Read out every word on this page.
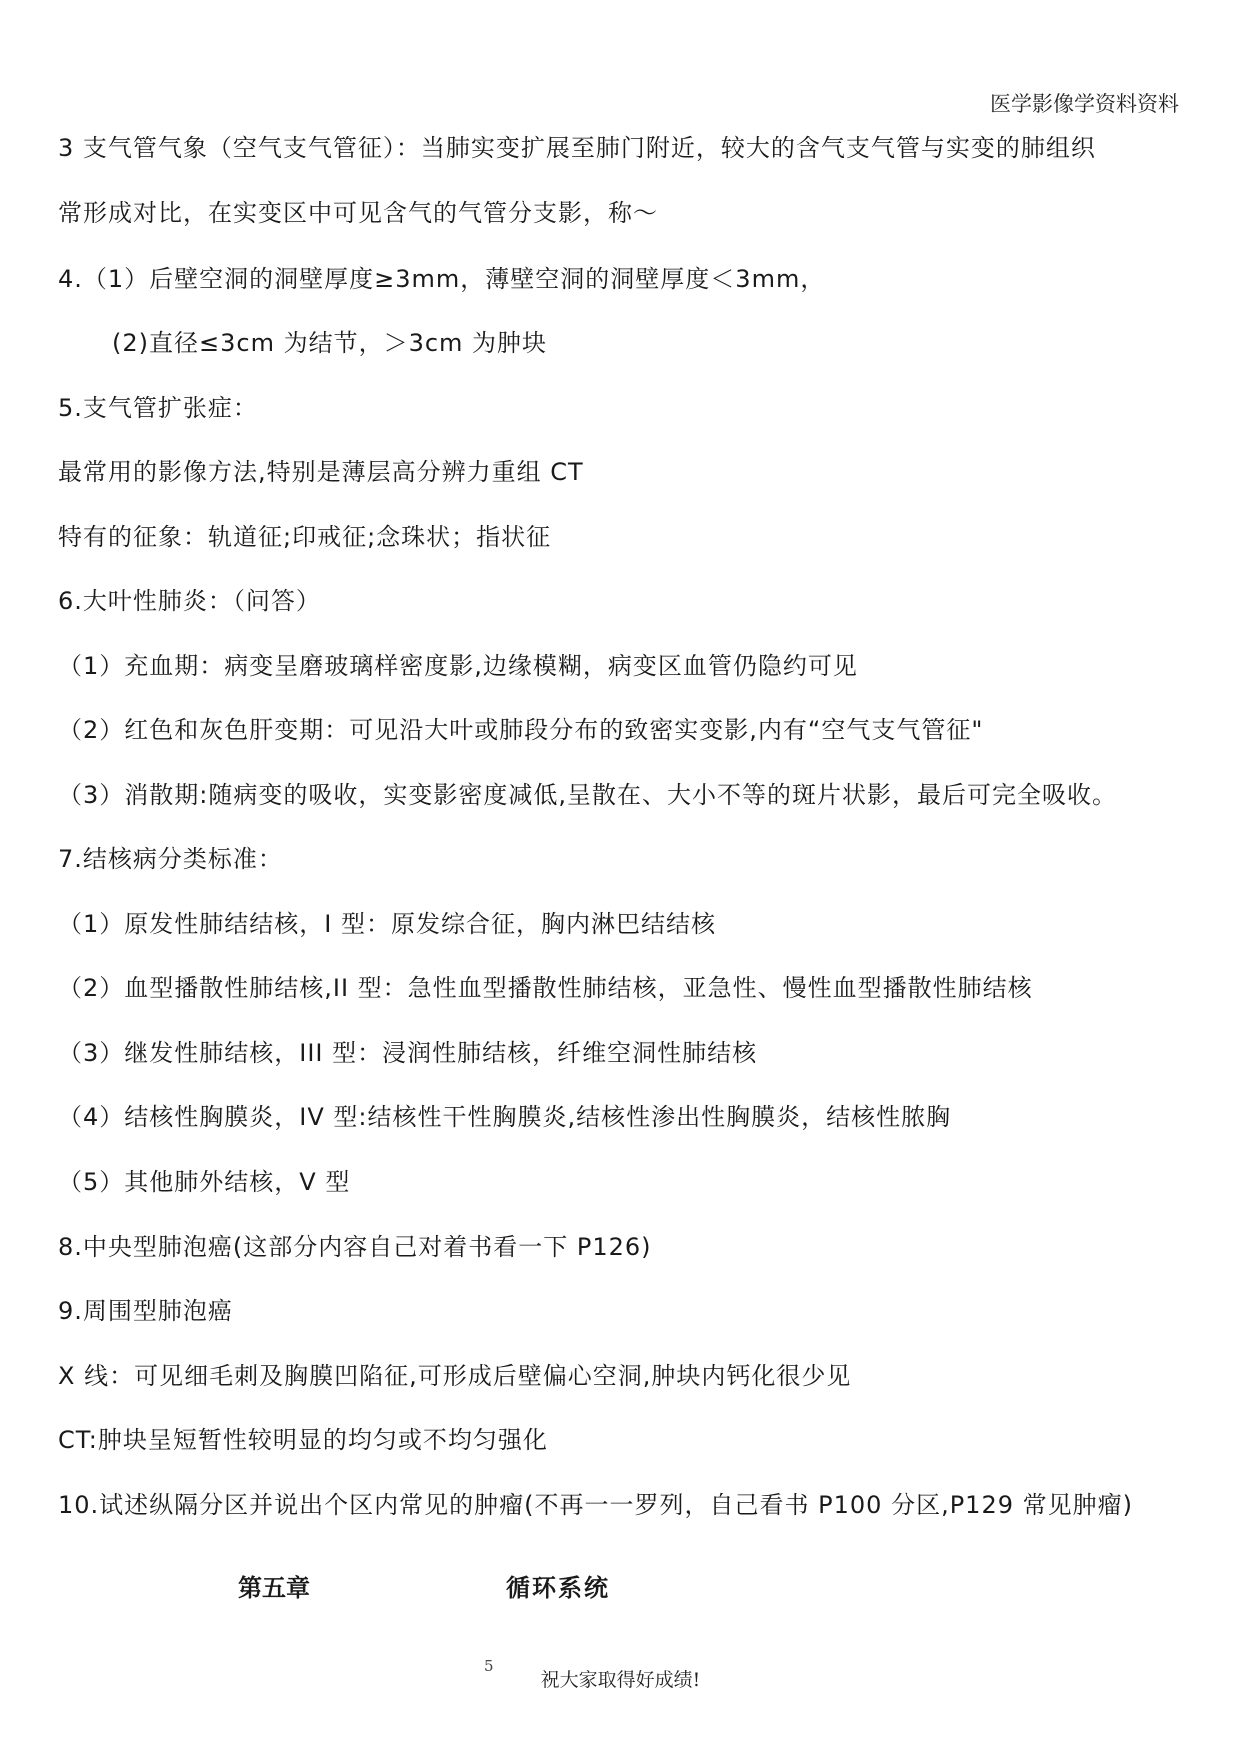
医学影像学资料资料
3 支气管气象（空气支气管征）：当肺实变扩展至肺门附近，较大的含气支气管与实变的肺组织
常形成对比，在实变区中可见含气的气管分支影，称～
4.（1）后壁空洞的洞壁厚度≥3mm，薄壁空洞的洞壁厚度＜3mm，
(2)直径≤3cm 为结节，＞3cm 为肿块
5.支气管扩张症：
最常用的影像方法,特别是薄层高分辨力重组 CT
特有的征象：轨道征;印戒征;念珠状；指状征
6.大叶性肺炎：（问答）
（1）充血期：病变呈磨玻璃样密度影,边缘模糊，病变区血管仍隐约可见
（2）红色和灰色肝变期：可见沿大叶或肺段分布的致密实变影,内有“空气支气管征"
（3）消散期:随病变的吸收，实变影密度减低,呈散在、大小不等的斑片状影，最后可完全吸收。
7.结核病分类标准：
（1）原发性肺结结核，I 型：原发综合征，胸内淋巴结结核
（2）血型播散性肺结核,II 型：急性血型播散性肺结核，亚急性、慢性血型播散性肺结核
（3）继发性肺结核，III 型：浸润性肺结核，纤维空洞性肺结核
（4）结核性胸膜炎，IV 型:结核性干性胸膜炎,结核性渗出性胸膜炎，结核性脓胸
（5）其他肺外结核，V 型
8.中央型肺泡癌(这部分内容自己对着书看一下 P126)
9.周围型肺泡癌
X 线：可见细毛刺及胸膜凹陷征,可形成后壁偏心空洞,肿块内钙化很少见
CT:肿块呈短暂性较明显的均匀或不均匀强化
10.试述纵隔分区并说出个区内常见的肿瘤(不再一一罗列，自己看书 P100 分区,P129 常见肿瘤)
第五章	循环系统
5
祝大家取得好成绩!
